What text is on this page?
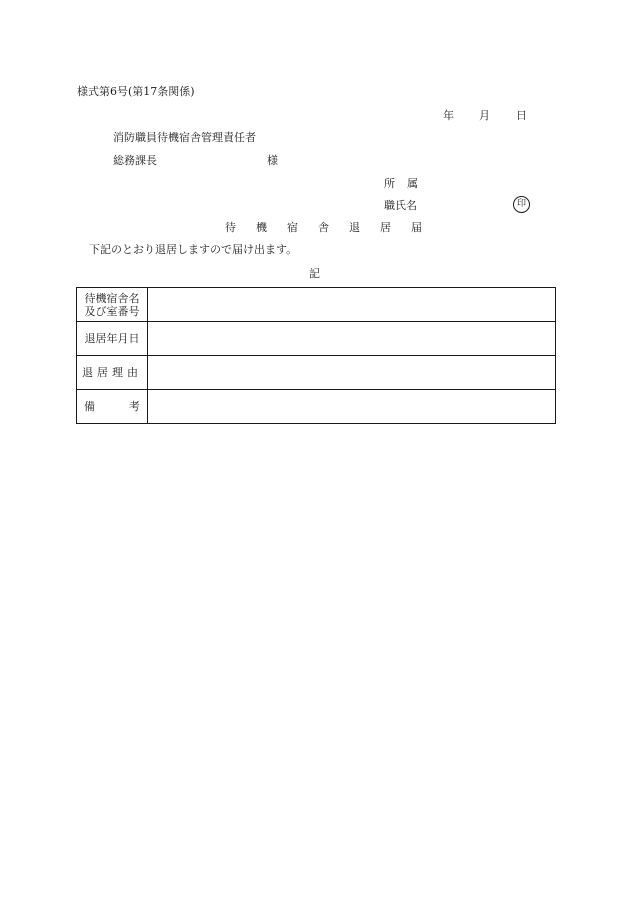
様式第6号(第17条関係)
年 月 日
消防職員待機宿舎管理責任者
総務課長	様
所属
職氏名	印
待機宿舎退居届
下記のとおり退居しますので届け出ます。
記
待機宿舎名
及び室番号	

退居年月日	
退居理由	

備 考	
